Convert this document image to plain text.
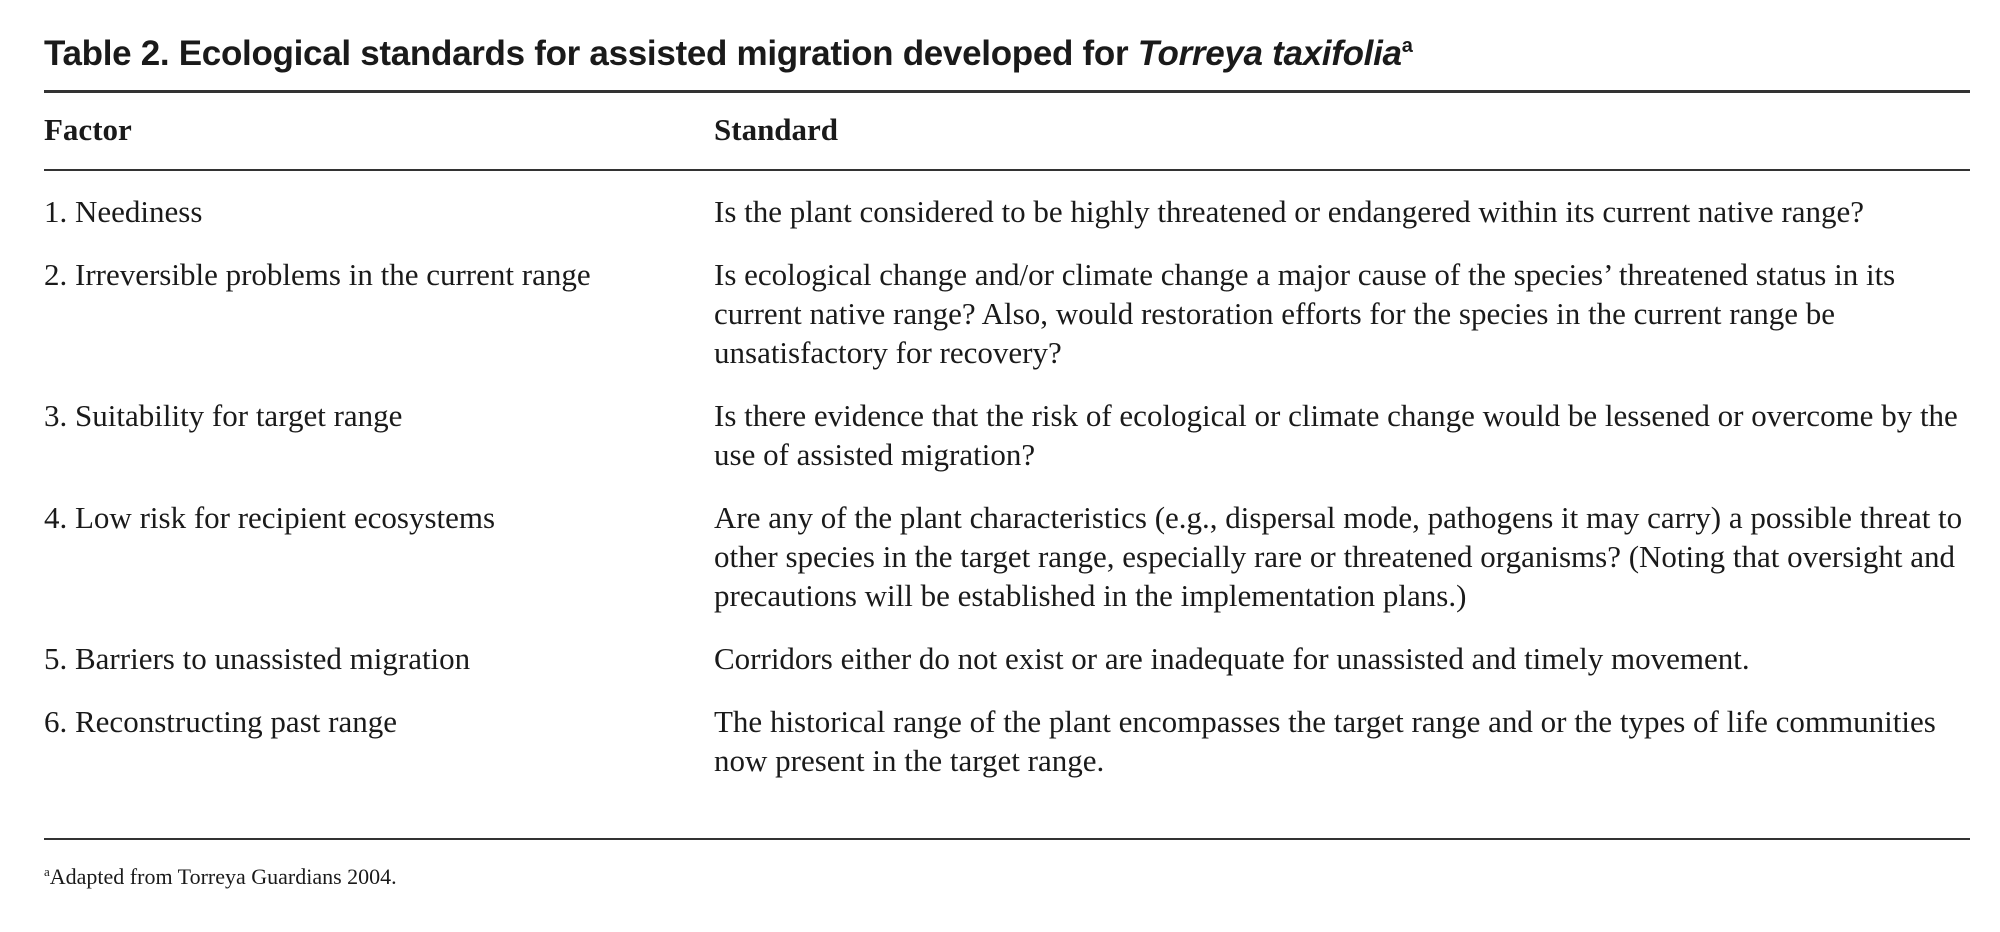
Table 2. Ecological standards for assisted migration developed for Torreya taxifolia$^a$
Factor	Standard
1. Neediness	Is the plant considered to be highly threatened or endangered within its current native range?
2. Irreversible problems in the current range	Is ecological change and/or climate change a major cause of the species’ threatened status in its current native range? Also, would restoration efforts for the species in the current range be unsatisfactory for recovery?
3. Suitability for target range	Is there evidence that the risk of ecological or climate change would be lessened or overcome by the use of assisted migration?
4. Low risk for recipient ecosystems	Are any of the plant characteristics (e.g., dispersal mode, pathogens it may carry) a possible threat to other species in the target range, especially rare or threatened organisms? (Noting that oversight and precautions will be established in the implementation plans.)
5. Barriers to unassisted migration	Corridors either do not exist or are inadequate for unassisted and timely movement.
6. Reconstructing past range	The historical range of the plant encompasses the target range and or the types of life communities now present in the target range.
$^a$Adapted from Torreya Guardians 2004.
